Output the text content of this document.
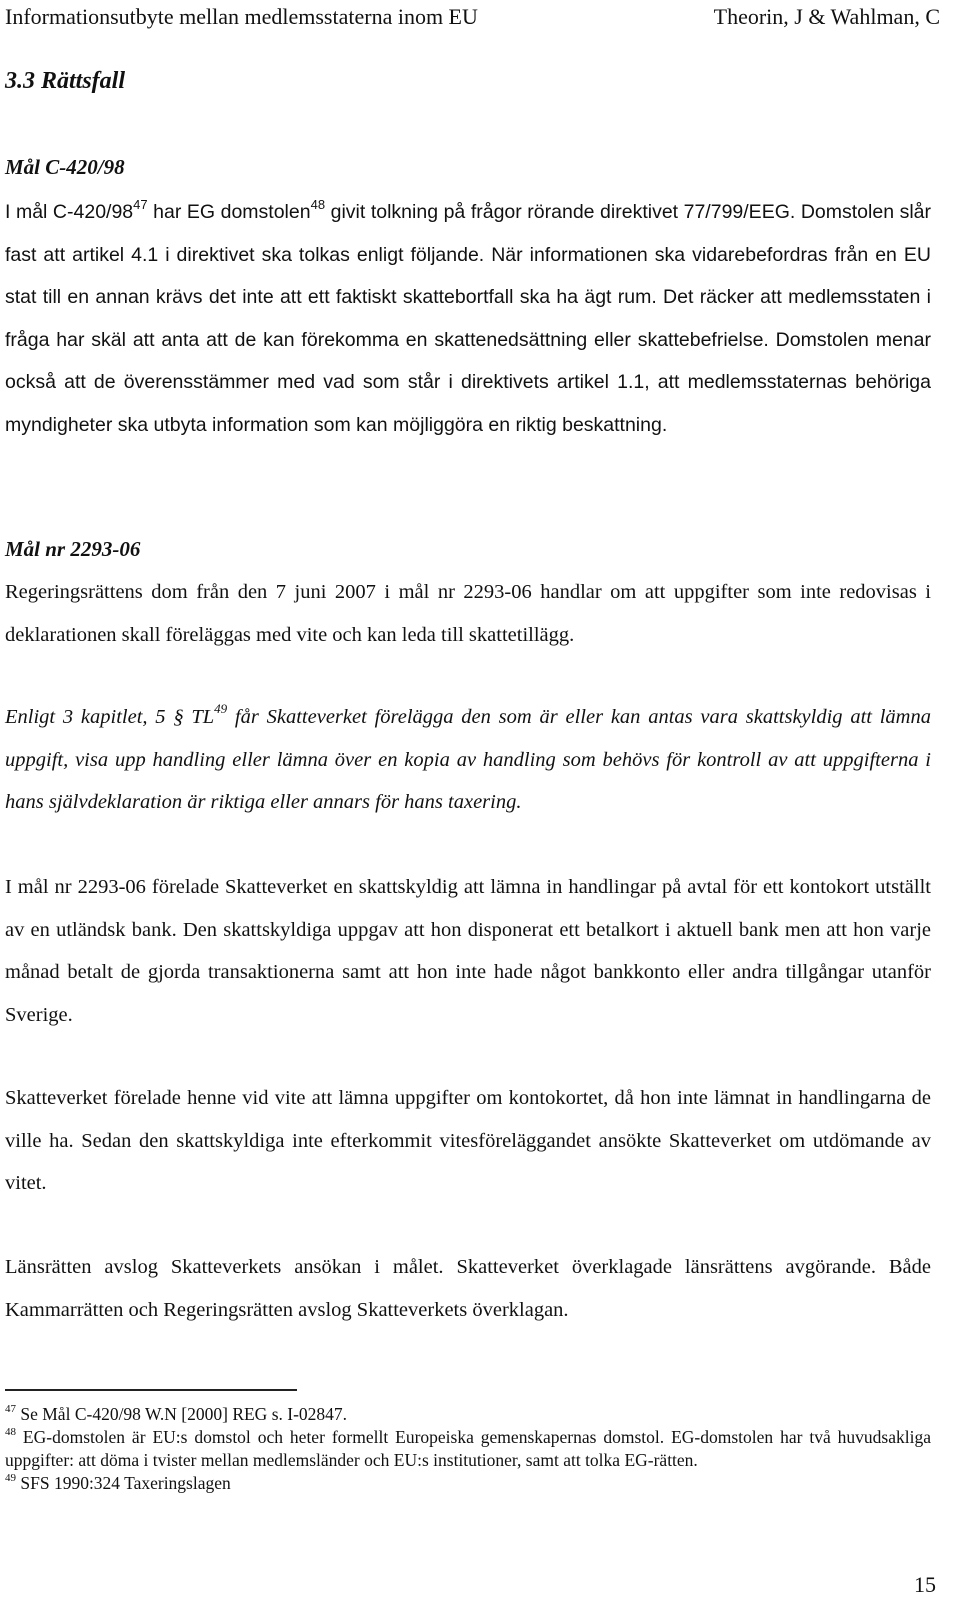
Informationsutbyte mellan medlemsstaterna inom EU	Theorin, J & Wahlman, C
3.3 Rättsfall
Mål C-420/98

I mål $C-420/98^{47}$ har EG domstolen$^{48}$ givit tolkning på frågor rörande direktivet 77/799/EEG. Domstolen slår fast att artikel 4.1 i direktivet ska tolkas enligt följande. När informationen ska vidarebefordras från en EU stat till en annan krävs det inte att ett faktiskt skattebortfall ska ha ägt rum. Det räcker att medlemsstaten i fråga har skäl att anta att de kan förekomma en skattenedsättning eller skattebefrielse. Domstolen menar också att de överensstämmer med vad som står i direktivets artikel 1.1, att medlemsstaternas behöriga myndigheter ska utbyta information som kan möjliggöra en riktig beskattning.

Mål nr 2293-06

Regeringsrättens dom från den 7 juni 2007 i mål nr 2293-06 handlar om att uppgifter som inte redovisas i deklarationen skall föreläggas med vite och kan leda till skattetillägg.

Enligt 3 kapitlet, 5 § TL$^{49}$ får Skatteverket förelägga den som är eller kan antas vara skattskyldig att lämna uppgift, visa upp handling eller lämna över en kopia av handling som behövs för kontroll av att uppgifterna i hans självdeklaration är riktiga eller annars för hans taxering.

I mål nr 2293-06 förelade Skatteverket en skattskyldig att lämna in handlingar på avtal för ett kontokort utställt av en utländsk bank. Den skattskyldiga uppgav att hon disponerat ett betalkort i aktuell bank men att hon varje månad betalt de gjorda transaktionerna samt att hon inte hade något bankkonto eller andra tillgångar utanför Sverige.

Skatteverket förelade henne vid vite att lämna uppgifter om kontokortet, då hon inte lämnat in handlingarna de ville ha. Sedan den skattskyldiga inte efterkommit vitesföreläggandet ansökte Skatteverket om utdömande av vitet.

Länsrätten avslog Skatteverkets ansökan i målet. Skatteverket överklagade länsrättens avgörande. Både Kammarrätten och Regeringsrätten avslog Skatteverkets överklagan.

$^{47}$ Se Mål C-420/98 W.N [2000] REG s. I-02847.

$^{48}$ EG-domstolen är EU:s domstol och heter formellt Europeiska gemenskapernas domstol. EG-domstolen har två huvudsakliga uppgifter: att döma i tvister mellan medlemsländer och EU:s institutioner, samt att tolka EG-rätten.

$^{49}$ SFS 1990:324 Taxeringslagen

15
